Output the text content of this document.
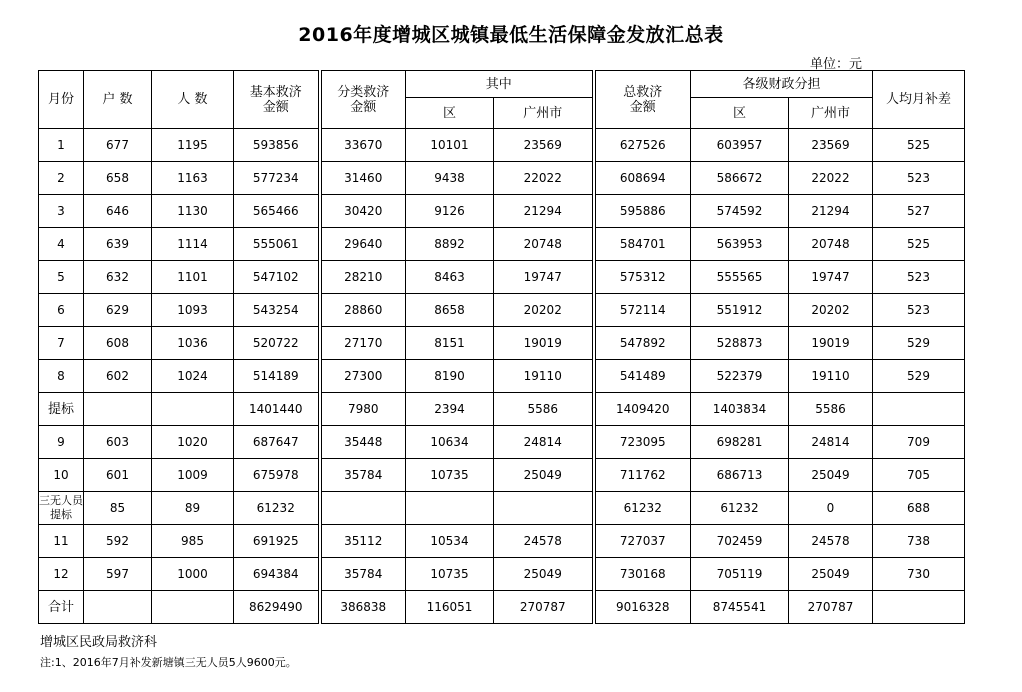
2016年度增城区城镇最低生活保障金发放汇总表
单位：元
月份	户 数	人 数	基本救济金额	分类救济金额	其中		总救济金额	各级财政分担		人均月补差
					区	广州市		区	广州市	
1	677	1195	593856	33670	10101	23569	627526	603957	23569	525
2	658	1163	577234	31460	9438	22022	608694	586672	22022	523
3	646	1130	565466	30420	9126	21294	595886	574592	21294	527
4	639	1114	555061	29640	8892	20748	584701	563953	20748	525
5	632	1101	547102	28210	8463	19747	575312	555565	19747	523
6	629	1093	543254	28860	8658	20202	572114	551912	20202	523
7	608	1036	520722	27170	8151	19019	547892	528873	19019	529
8	602	1024	514189	27300	8190	19110	541489	522379	19110	529
提标			1401440	7980	2394	5586	1409420	1403834	5586	
9	603	1020	687647	35448	10634	24814	723095	698281	24814	709
10	601	1009	675978	35784	10735	25049	711762	686713	25049	705
三无人员提标	85	89	61232				61232	61232	0	688
11	592	985	691925	35112	10534	24578	727037	702459	24578	738
12	597	1000	694384	35784	10735	25049	730168	705119	25049	730
合计			8629490	386838	116051	270787	9016328	8745541	270787	
增城区民政局救济科
注:1、2016年7月补发新塘镇三无人员5人9600元。
